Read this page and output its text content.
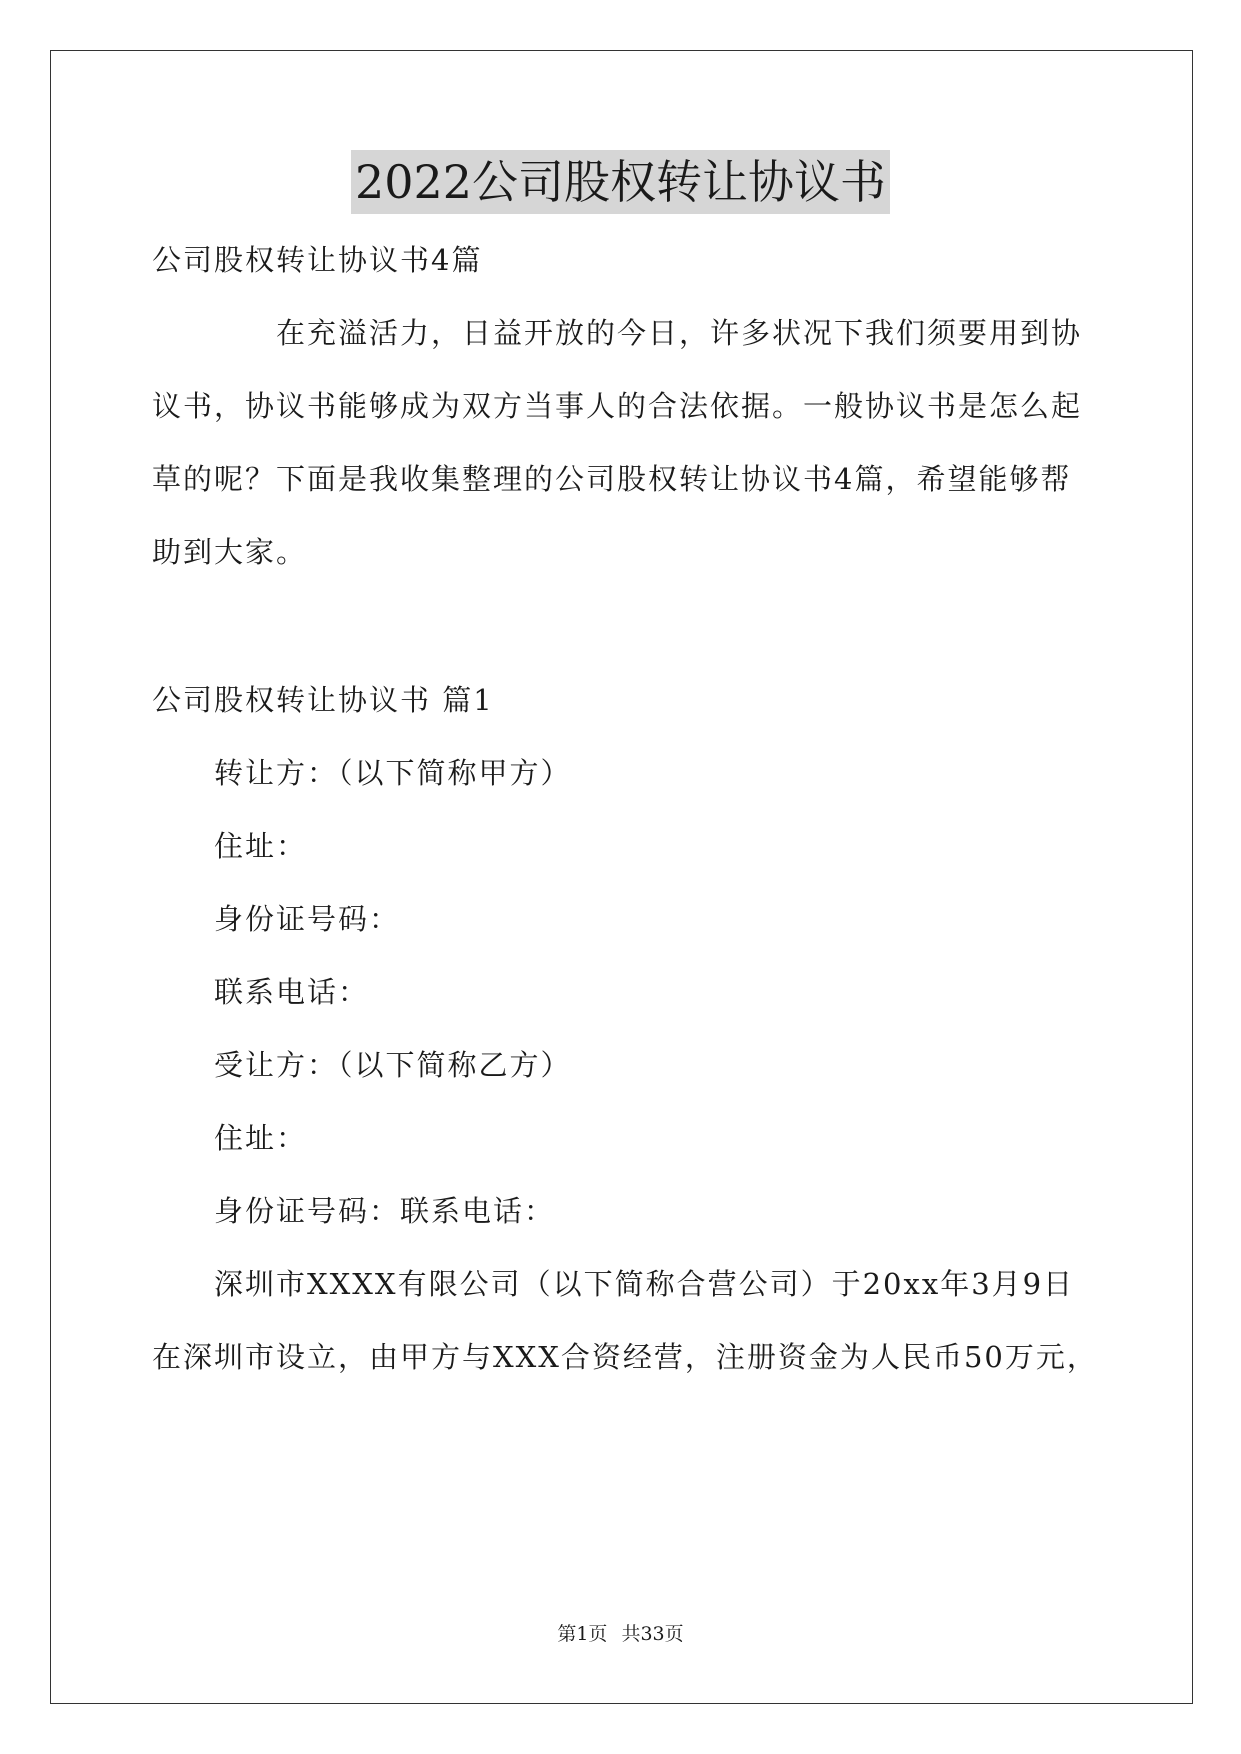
2022公司股权转让协议书
公司股权转让协议书4篇
在充溢活力，日益开放的今日，许多状况下我们须要用到协
议书，协议书能够成为双方当事人的合法依据。一般协议书是怎么起
草的呢？下面是我收集整理的公司股权转让协议书4篇，希望能够帮
助到大家。
公司股权转让协议书 篇1
转让方：（以下简称甲方）
住址：
身份证号码：
联系电话：
受让方：（以下简称乙方）
住址：
身份证号码：联系电话：
深圳市XXXX有限公司（以下简称合营公司）于20xx年3月9日
在深圳市设立，由甲方与XXX合资经营，注册资金为人民币50万元，
第1页 共33页
